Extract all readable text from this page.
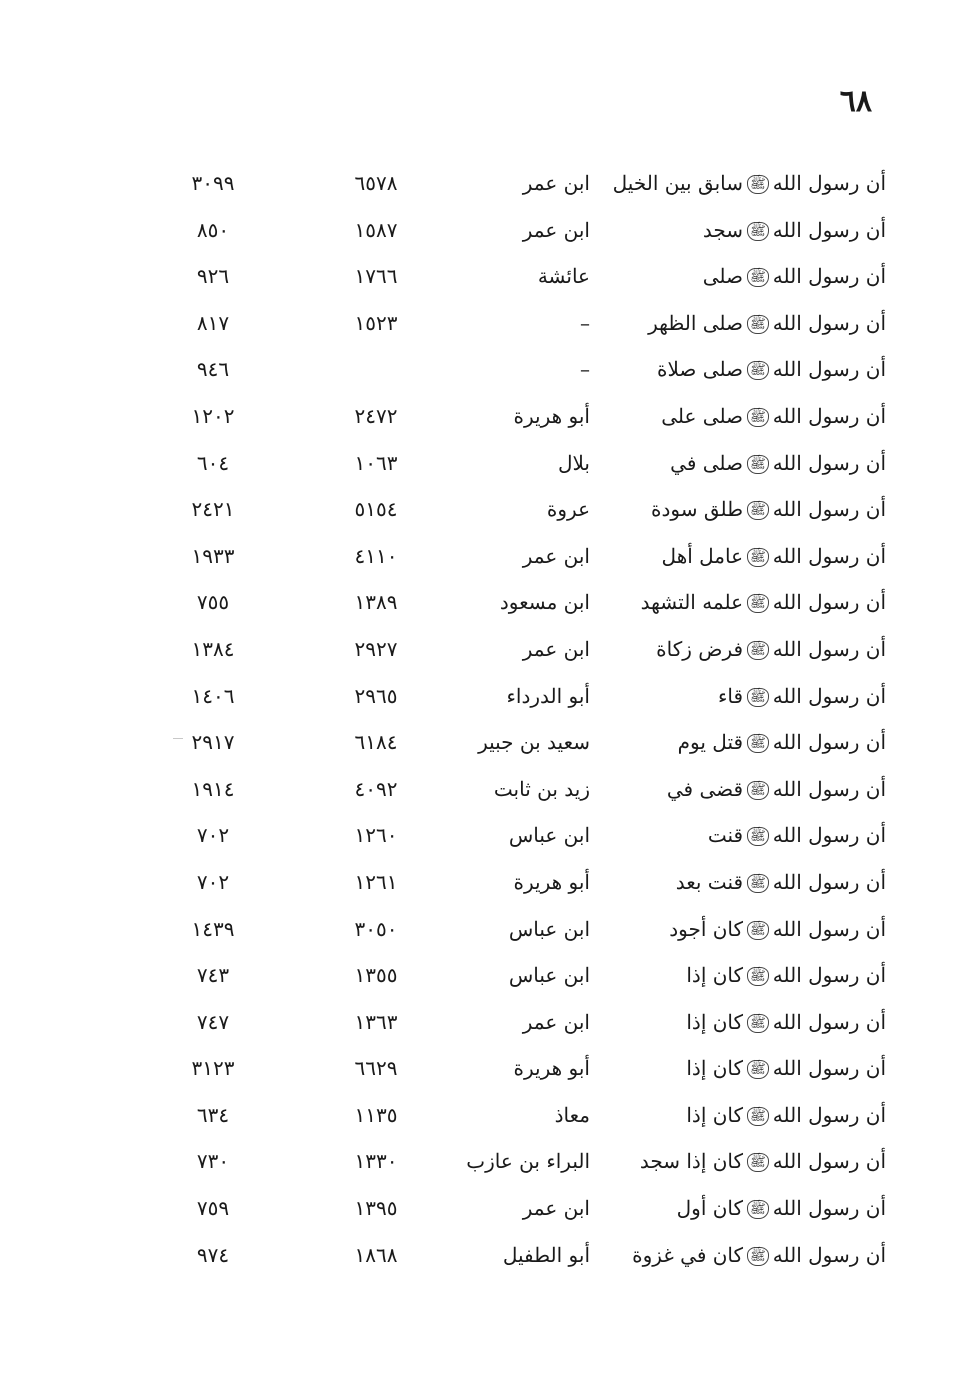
٦٨
أن رسول اللهﷺسابق بين الخيل
ابن عمر
٦٥٧٨
٣٠٩٩
أن رسول اللهﷺسجد
ابن عمر
١٥٨٧
٨٥٠
أن رسول اللهﷺصلى
عائشة
١٧٦٦
٩٢٦
أن رسول اللهﷺصلى الظهر
–
١٥٢٣
٨١٧
أن رسول اللهﷺصلى صلاة
–
٩٤٦
أن رسول اللهﷺصلى على
أبو هريرة
٢٤٧٢
١٢٠٢
أن رسول اللهﷺصلى في
بلال
١٠٦٣
٦٠٤
أن رسول اللهﷺطلق سودة
عروة
٥١٥٤
٢٤٢١
أن رسول اللهﷺعامل أهل
ابن عمر
٤١١٠
١٩٣٣
أن رسول اللهﷺعلمه التشهد
ابن مسعود
١٣٨٩
٧٥٥
أن رسول اللهﷺفرض زكاة
ابن عمر
٢٩٢٧
١٣٨٤
أن رسول اللهﷺقاء
أبو الدرداء
٢٩٦٥
١٤٠٦
أن رسول اللهﷺقتل يوم
سعيد بن جبير
٦١٨٤
٢٩١٧
أن رسول اللهﷺقضى في
زيد بن ثابت
٤٠٩٢
١٩١٤
أن رسول اللهﷺقنت
ابن عباس
١٢٦٠
٧٠٢
أن رسول اللهﷺقنت بعد
أبو هريرة
١٢٦١
٧٠٢
أن رسول اللهﷺكان أجود
ابن عباس
٣٠٥٠
١٤٣٩
أن رسول اللهﷺكان إذا
ابن عباس
١٣٥٥
٧٤٣
أن رسول اللهﷺكان إذا
ابن عمر
١٣٦٣
٧٤٧
أن رسول اللهﷺكان إذا
أبو هريرة
٦٦٢٩
٣١٢٣
أن رسول اللهﷺكان إذا
معاذ
١١٣٥
٦٣٤
أن رسول اللهﷺكان إذا سجد
البراء بن عازب
١٣٣٠
٧٣٠
أن رسول اللهﷺكان أول
ابن عمر
١٣٩٥
٧٥٩
أن رسول اللهﷺكان في غزوة
أبو الطفيل
١٨٦٨
٩٧٤
